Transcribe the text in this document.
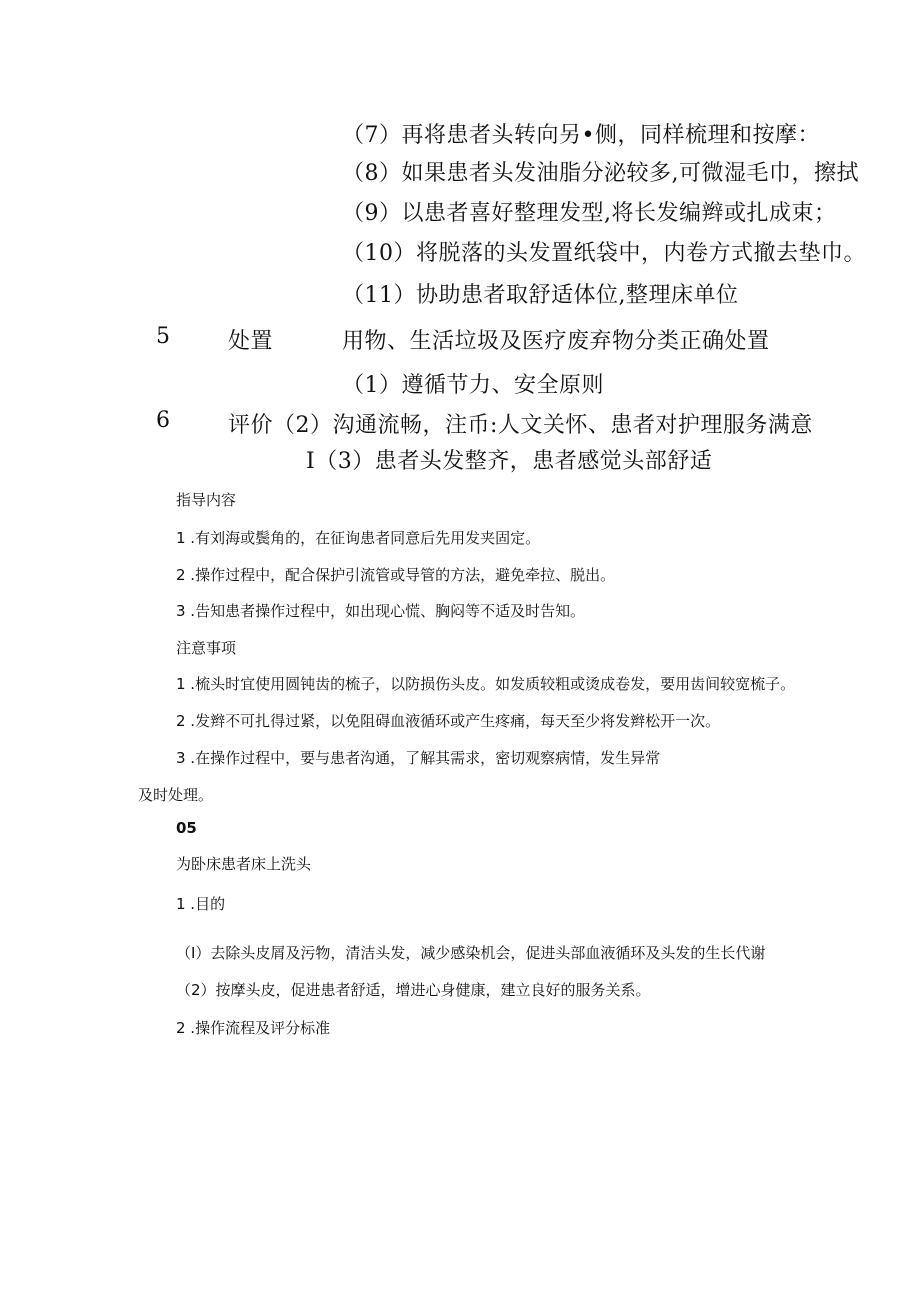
（7）再将患者头转向另•侧，同样梳理和按摩：
（8）如果患者头发油脂分泌较多,可微湿毛巾，擦拭
（9）以患者喜好整理发型,将长发编辫或扎成束；
（10）将脱落的头发置纸袋中，内卷方式撤去垫巾。
（11）协助患者取舒适体位,整理床单位
5	处置	用物、生活垃圾及医疗废弃物分类正确处置
（1）遵循节力、安全原则
6	评价（2）沟通流畅，注币:人文关怀、患者对护理服务满意
I（3）患者头发整齐，患者感觉头部舒适
指导内容
1 .有刘海或鬓角的，在征询患者同意后先用发夹固定。
2 .操作过程中，配合保护引流管或导管的方法，避免牵拉、脱出。
3 .告知患者操作过程中，如出现心慌、胸闷等不适及时告知。
注意事项
1 .梳头时宜使用圆钝齿的梳子，以防损伤头皮。如发质较粗或烫成卷发，要用齿间较宽梳子。
2 .发辫不可扎得过紧，以免阻碍血液循环或产生疼痛，每天至少将发辫松开一次。
3 .在操作过程中，要与患者沟通，了解其需求，密切观察病情，发生异常
及时处理。
05
为卧床患者床上洗头
1 .目的
（I）去除头皮屑及污物，清洁头发，减少感染机会，促进头部血液循环及头发的生长代谢
（2）按摩头皮，促进患者舒适，增进心身健康，建立良好的服务关系。
2 .操作流程及评分标准
